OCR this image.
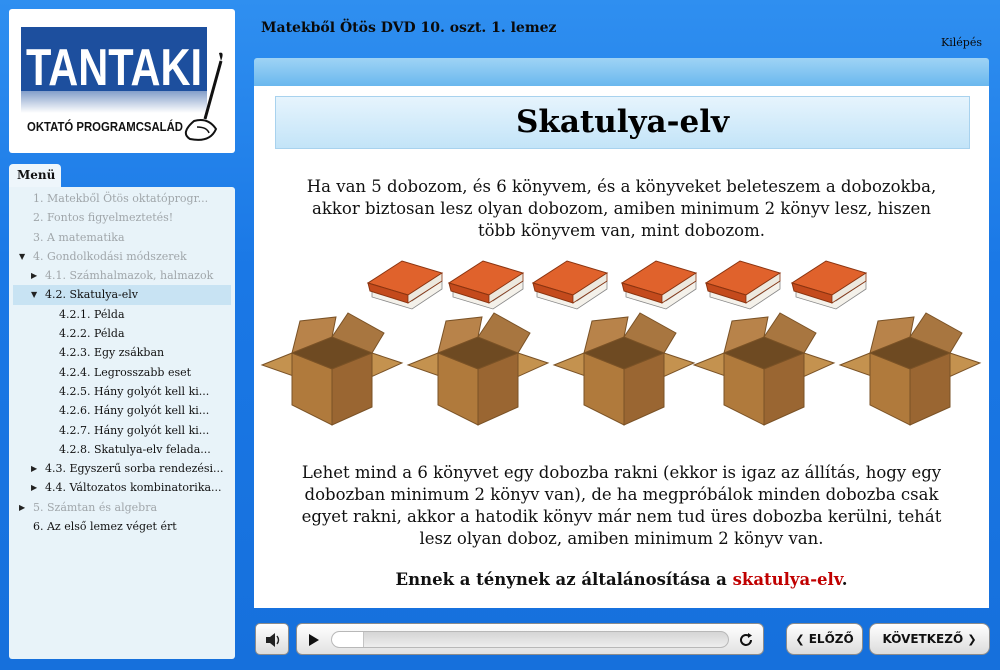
TANTAKI
OKTATÓ PROGRAMCSALÁD
Matekből Ötös DVD 10. oszt. 1. lemez
Kilépés
Menü
1. Matekből Ötös oktatóprogr...
2. Fontos figyelmeztetés!
3. A matematika
▼ 4. Gondolkodási módszerek
▶ 4.1. Számhalmazok, halmazok
▼ 4.2. Skatulya-elv
4.2.1. Példa
4.2.2. Példa
4.2.3. Egy zsákban
4.2.4. Legrosszabb eset
4.2.5. Hány golyót kell ki...
4.2.6. Hány golyót kell ki...
4.2.7. Hány golyót kell ki...
4.2.8. Skatulya-elv felada...
▶ 4.3. Egyszerű sorba rendezési...
▶ 4.4. Változatos kombinatorika...
▶ 5. Számtan és algebra
6. Az első lemez véget ért
Skatulya-elv
Ha van 5 dobozom, és 6 könyvem, és a könyveket beleteszem a dobozokba, akkor biztosan lesz olyan dobozom, amiben minimum 2 könyv lesz, hiszen több könyvem van, mint dobozom.
Lehet mind a 6 könyvet egy dobozba rakni (ekkor is igaz az állítás, hogy egy dobozban minimum 2 könyv van), de ha megpróbálok minden dobozba csak egyet rakni, akkor a hatodik könyv már nem tud üres dobozba kerülni, tehát lesz olyan doboz, amiben minimum 2 könyv van.
Ennek a ténynek az általánosítása a skatulya-elv.
❮ ELŐZŐ	KÖVETKEZŐ ❯
